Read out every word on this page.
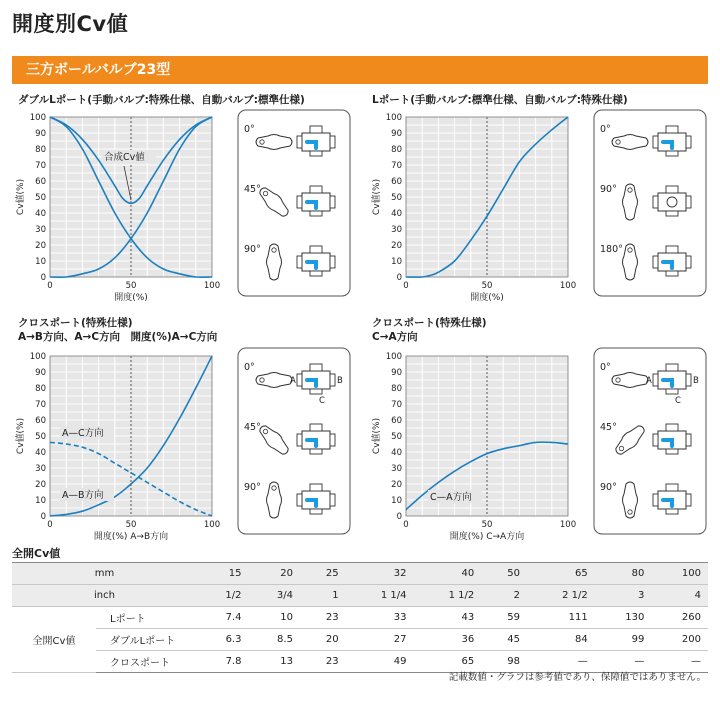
開度別Cv値
三方ボールバルブ23型
ダブルLポート(手動バルブ:特殊仕様、自動バルブ:標準仕様)
0
10
20
30
40
50
60
70
80
90
100
0	50	100
開度(%)
Cv値(%)
合成Cv値
0°
45°
90°
Lポート(手動バルブ:標準仕様、自動バルブ:特殊仕様)
0
10
20
30
40
50
60
70
80
90
100
0	50	100
開度(%)
Cv値(%)
0°
90°
180°
クロスポート(特殊仕様)
A→B方向、A→C方向　開度(%)A→C方向
0
10
20
30
40
50
60
70
80
90
100
0	50	100
開度(%) A→B方向
Cv値(%)	A—C方向
A—B方向
0°
A	B
C
45°
90°
クロスポート(特殊仕様)
C→A方向
0
10
20
30
40
50
60
70
80
90
100
0	50	100
開度(%) C→A方向
Cv値(%)
C—A方向
0°
A	B
C
45°
90°
全開Cv値
mm		15	20	25	32	40	50	65	80	100
inch		1/2	3/4	1	1 1/4	1 1/2	2	2 1/2	3	4
全開Cv値	Lポート	7.4	10	23	33	43	59	111	130	260
	ダブルLポート	6.3	8.5	20	27	36	45	84	99	200
	クロスポート	7.8	13	23	49	65	98	—	—	—
記載数値・グラフは参考値であり、保障値ではありません。
